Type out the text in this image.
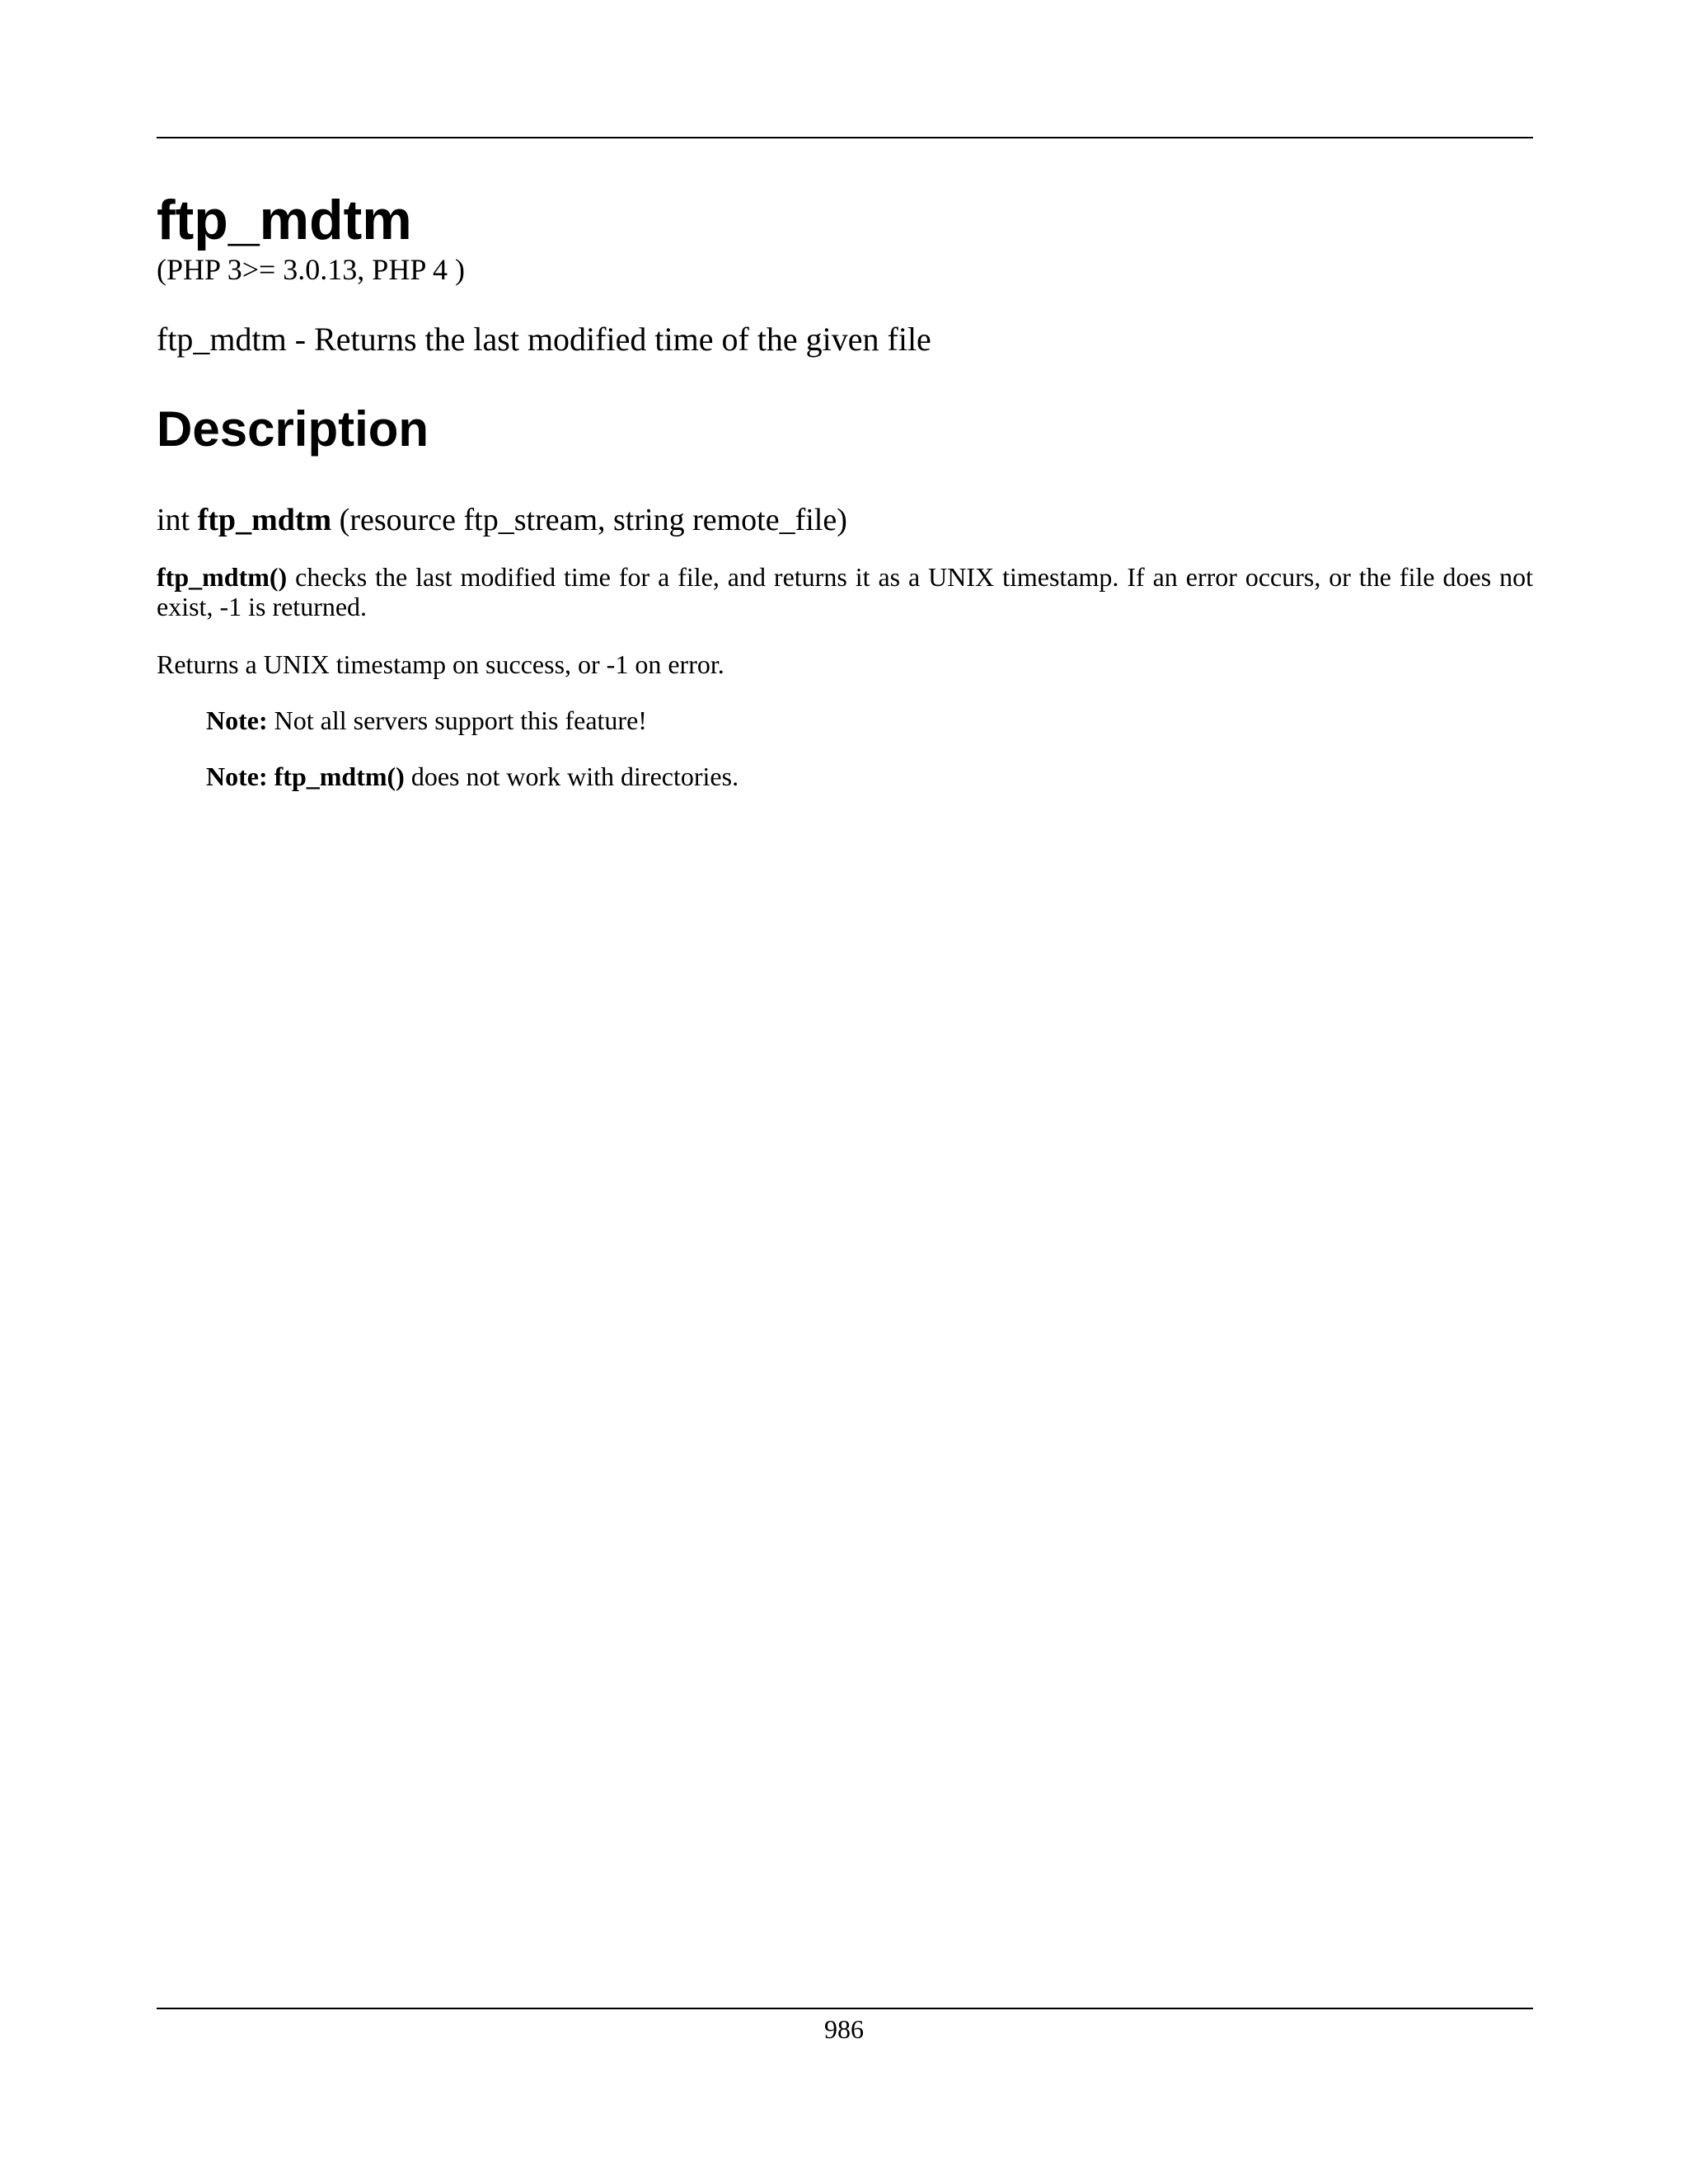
ftp_mdtm

(PHP 3>= 3.0.13, PHP 4 )

ftp_mdtm - Returns the last modified time of the given file

Description

int ftp_mdtm (resource ftp_stream, string remote_file)

ftp_mdtm() checks the last modified time for a file, and returns it as a UNIX timestamp. If an error occurs, or the file does not exist, -1 is returned.

Returns a UNIX timestamp on success, or -1 on error.

Note: Not all servers support this feature!

Note: ftp_mdtm() does not work with directories.

986
